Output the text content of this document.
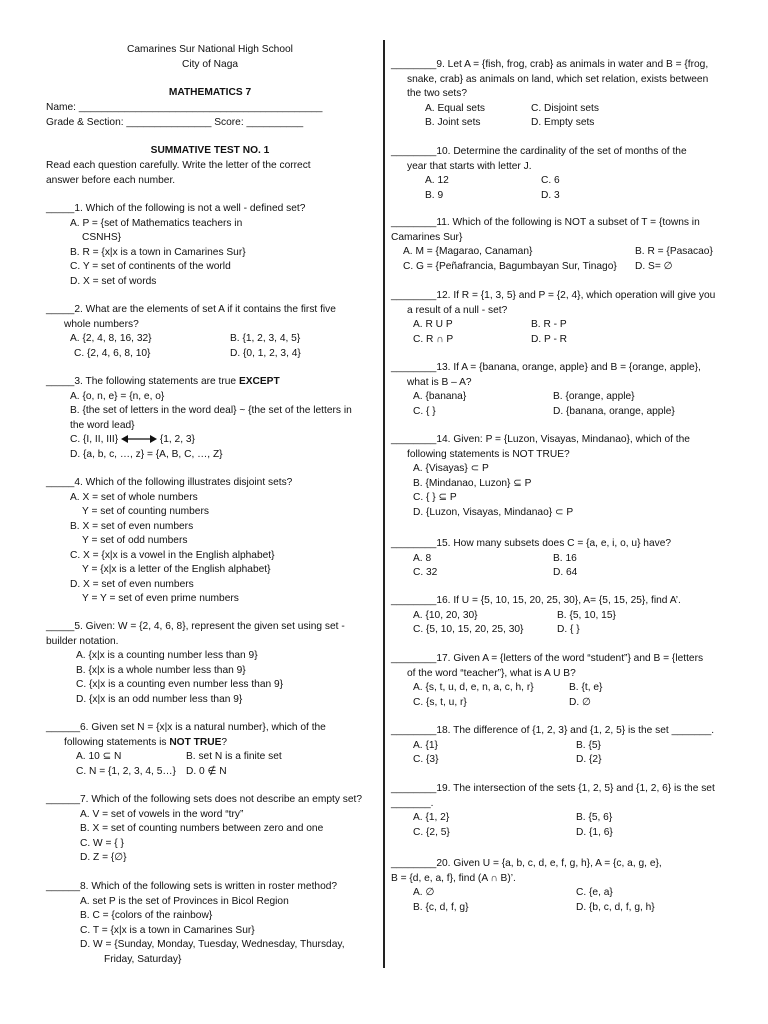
Camarines Sur National High School
City of Naga
MATHEMATICS 7
Name: ___________________________________________
Grade & Section: _______________ Score: __________
SUMMATIVE TEST NO. 1
Read each question carefully. Write the letter of the correct answer before each number.
_____1. Which of the following is not a well - defined set?
A. P = {set of Mathematics teachers in
CSNHS}
B. R = {x|x is a town in Camarines Sur}
C. Y = set of continents of the world
D. X = set of words
_____2. What are the elements of set A if it contains the first five
whole numbers?
A. {2, 4, 8, 16, 32}	B. {1, 2, 3, 4, 5}
C. {2, 4, 6, 8, 10}	D. {0, 1, 2, 3, 4}
_____3. The following statements are true EXCEPT
A. {o, n, e} = {n, e, o}
B. {the set of letters in the word deal} ~ {the set of the letters in
the word lead}
C. {I, II, III}	{1, 2, 3}
D. {a, b, c, …, z} = {A, B, C, …, Z}
_____4. Which of the following illustrates disjoint sets?
A. X = set of whole numbers
Y = set of counting numbers
B. X = set of even numbers
Y = set of odd numbers
C. X = {x|x is a vowel in the English alphabet}
Y = {x|x is a letter of the English alphabet}
D. X = set of even numbers
Y = Y = set of even prime numbers
_____5. Given: W = {2, 4, 6, 8}, represent the given set using set -
builder notation.
A. {x|x is a counting number less than 9}
B. {x|x is a whole number less than 9}
C. {x|x is a counting even number less than 9}
D. {x|x is an odd number less than 9}
______6. Given set N = {x|x is a natural number}, which of the
following statements is NOT TRUE?
A. 10 ⊆ N	B. set N is a finite set
C. N = {1, 2, 3, 4, 5…} D. 0 ∉ N
______7. Which of the following sets does not describe an empty set?
A. V = set of vowels in the word “try”
B. X = set of counting numbers between zero and one
C. W = { }
D. Z = {∅}
______8. Which of the following sets is written in roster method?
A. set P is the set of Provinces in Bicol Region
B. C = {colors of the rainbow}
C. T = {x|x is a town in Camarines Sur}
D. W = {Sunday, Monday, Tuesday, Wednesday, Thursday,
Friday, Saturday}
________9. Let A = {fish, frog, crab} as animals in water and B = {frog,
snake, crab} as animals on land, which set relation, exists between
the two sets?
A. Equal sets	C. Disjoint sets
B. Joint sets	D. Empty sets
________10. Determine the cardinality of the set of months of the
year that starts with letter J.
A. 12	C. 6
B. 9	D. 3
________11. Which of the following is NOT a subset of T = {towns in
Camarines Sur}
A. M = {Magarao, Canaman}	B. R = {Pasacao}
C. G = {Peñafrancia, Bagumbayan Sur, Tinago}	D. S= ∅
________12. If R = {1, 3, 5} and P = {2, 4}, which operation will give you
a result of a null - set?
A. R U P	B. R - P
C. R ∩ P	D. P - R
________13. If A = {banana, orange, apple} and B = {orange, apple},
what is B – A?
A. {banana}	B. {orange, apple}
C. { }	D. {banana, orange, apple}
________14. Given: P = {Luzon, Visayas, Mindanao}, which of the
following statements is NOT TRUE?
A. {Visayas} ⊂ P
B. {Mindanao, Luzon} ⊆ P
C. { } ⊆ P
D. {Luzon, Visayas, Mindanao} ⊂ P
________15. How many subsets does C = {a, e, i, o, u} have?
A. 8	B. 16
C. 32	D. 64
________16. If U = {5, 10, 15, 20, 25, 30}, A= {5, 15, 25}, find A’.
A. {10, 20, 30}	B. {5, 10, 15}
C. {5, 10, 15, 20, 25, 30}	D. { }
________17. Given A = {letters of the word “student”} and B = {letters
of the word “teacher”}, what is A U B?
A. {s, t, u, d, e, n, a, c, h, r}	B. {t, e}
C. {s, t, u, r}	D. ∅
________18. The difference of {1, 2, 3} and {1, 2, 5} is the set _______.
A. {1}	B. {5}
C. {3}	D. {2}
________19. The intersection of the sets {1, 2, 5} and {1, 2, 6} is the set
_______.
A. {1, 2}	B. {5, 6}
C. {2, 5}	D. {1, 6}
________20. Given U = {a, b, c, d, e, f, g, h}, A = {c, a, g, e},
B = {d, e, a, f}, find (A ∩ B)’.
A. ∅	C. {e, a}
B. {c, d, f, g}	D. {b, c, d, f, g, h}
